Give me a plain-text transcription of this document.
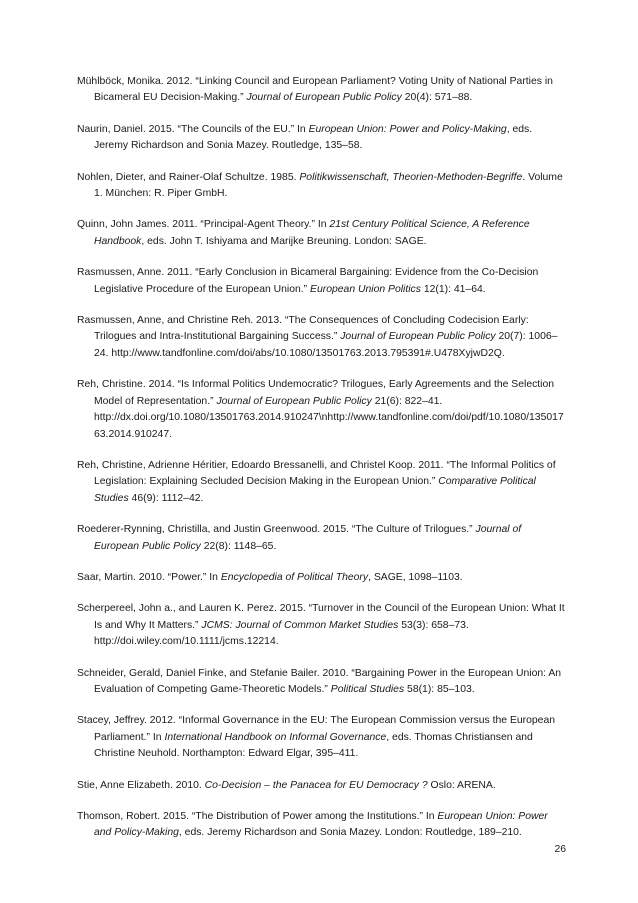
Mühlböck, Monika. 2012. “Linking Council and European Parliament? Voting Unity of National Parties in Bicameral EU Decision-Making.” Journal of European Public Policy 20(4): 571–88.

Naurin, Daniel. 2015. “The Councils of the EU.” In European Union: Power and Policy-Making, eds. Jeremy Richardson and Sonia Mazey. Routledge, 135–58.

Nohlen, Dieter, and Rainer-Olaf Schultze. 1985. Politikwissenschaft, Theorien-Methoden-Begriffe. Volume 1. München: R. Piper GmbH.

Quinn, John James. 2011. “Principal-Agent Theory.” In 21st Century Political Science, A Reference Handbook, eds. John T. Ishiyama and Marijke Breuning. London: SAGE.

Rasmussen, Anne. 2011. “Early Conclusion in Bicameral Bargaining: Evidence from the Co-Decision Legislative Procedure of the European Union.” European Union Politics 12(1): 41–64.

Rasmussen, Anne, and Christine Reh. 2013. “The Consequences of Concluding Codecision Early: Trilogues and Intra-Institutional Bargaining Success.” Journal of European Public Policy 20(7): 1006–24. http://www.tandfonline.com/doi/abs/10.1080/13501763.2013.795391#.U478XyjwD2Q.

Reh, Christine. 2014. “Is Informal Politics Undemocratic? Trilogues, Early Agreements and the Selection Model of Representation.” Journal of European Public Policy 21(6): 822–41. http://dx.doi.org/10.1080/13501763.2014.910247\nhttp://www.tandfonline.com/doi/pdf/10.1080/13501763.2014.910247.

Reh, Christine, Adrienne Héritier, Edoardo Bressanelli, and Christel Koop. 2011. “The Informal Politics of Legislation: Explaining Secluded Decision Making in the European Union.” Comparative Political Studies 46(9): 1112–42.

Roederer-Rynning, Christilla, and Justin Greenwood. 2015. “The Culture of Trilogues.” Journal of European Public Policy 22(8): 1148–65.

Saar, Martin. 2010. “Power.” In Encyclopedia of Political Theory, SAGE, 1098–1103.

Scherpereel, John a., and Lauren K. Perez. 2015. “Turnover in the Council of the European Union: What It Is and Why It Matters.” JCMS: Journal of Common Market Studies 53(3): 658–73. http://doi.wiley.com/10.1111/jcms.12214.

Schneider, Gerald, Daniel Finke, and Stefanie Bailer. 2010. “Bargaining Power in the European Union: An Evaluation of Competing Game-Theoretic Models.” Political Studies 58(1): 85–103.

Stacey, Jeffrey. 2012. “Informal Governance in the EU: The European Commission versus the European Parliament.” In International Handbook on Informal Governance, eds. Thomas Christiansen and Christine Neuhold. Northampton: Edward Elgar, 395–411.

Stie, Anne Elizabeth. 2010. Co-Decision – the Panacea for EU Democracy ? Oslo: ARENA.

Thomson, Robert. 2015. “The Distribution of Power among the Institutions.” In European Union: Power and Policy-Making, eds. Jeremy Richardson and Sonia Mazey. London: Routledge, 189–210.

26
